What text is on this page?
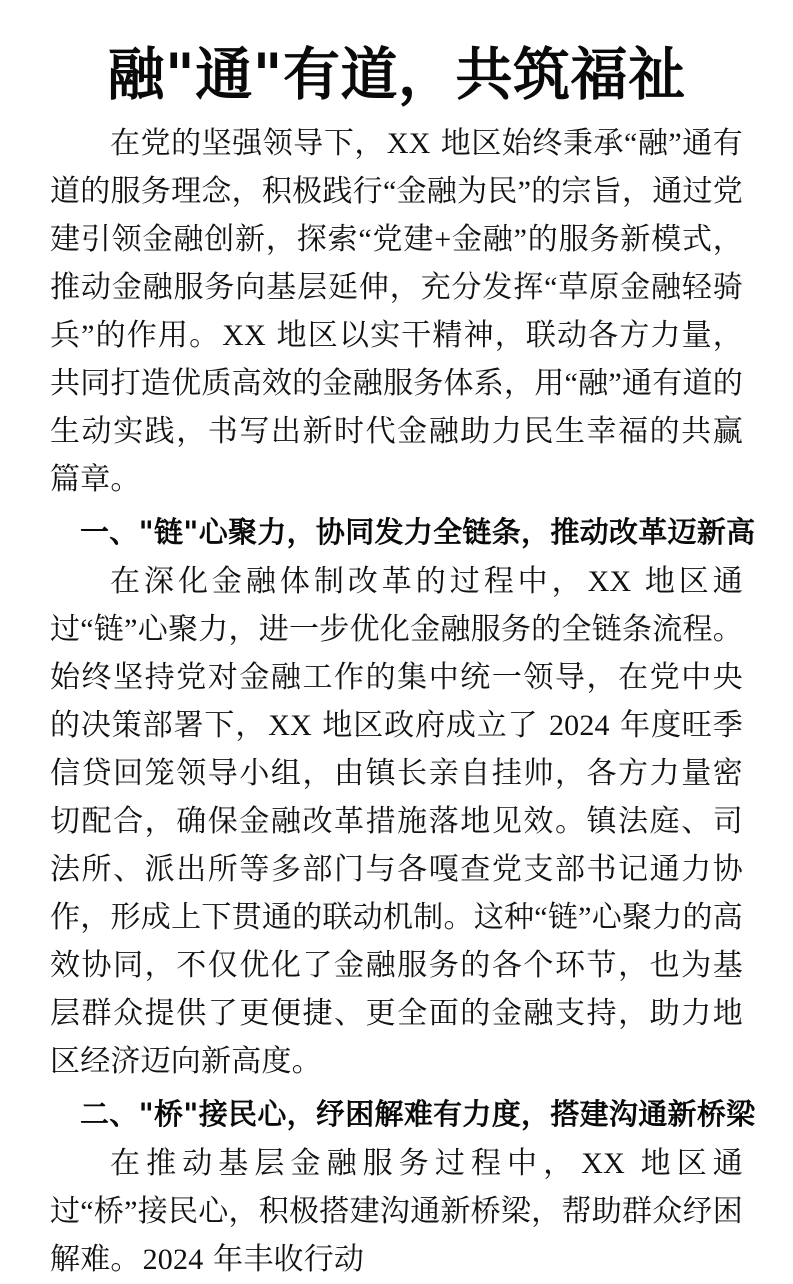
融"通"有道，共筑福祉

在党的坚强领导下，XX 地区始终秉承“融”通有道的服务理念，积极践行“金融为民”的宗旨，通过党建引领金融创新，探索“党建+金融”的服务新模式，推动金融服务向基层延伸，充分发挥“草原金融轻骑兵”的作用。XX 地区以实干精神，联动各方力量，共同打造优质高效的金融服务体系，用“融”通有道的生动实践，书写出新时代金融助力民生幸福的共赢篇章。

一、"链"心聚力，协同发力全链条，推动改革迈新高

在深化金融体制改革的过程中，XX 地区通过“链”心聚力，进一步优化金融服务的全链条流程。始终坚持党对金融工作的集中统一领导，在党中央的决策部署下，XX 地区政府成立了 2024 年度旺季信贷回笼领导小组，由镇长亲自挂帅，各方力量密切配合，确保金融改革措施落地见效。镇法庭、司法所、派出所等多部门与各嘎查党支部书记通力协作，形成上下贯通的联动机制。这种“链”心聚力的高效协同，不仅优化了金融服务的各个环节，也为基层群众提供了更便捷、更全面的金融支持，助力地区经济迈向新高度。

二、"桥"接民心，纾困解难有力度，搭建沟通新桥梁

在推动基层金融服务过程中，XX 地区通过“桥”接民心，积极搭建沟通新桥梁，帮助群众纾困解难。2024 年丰收行动
